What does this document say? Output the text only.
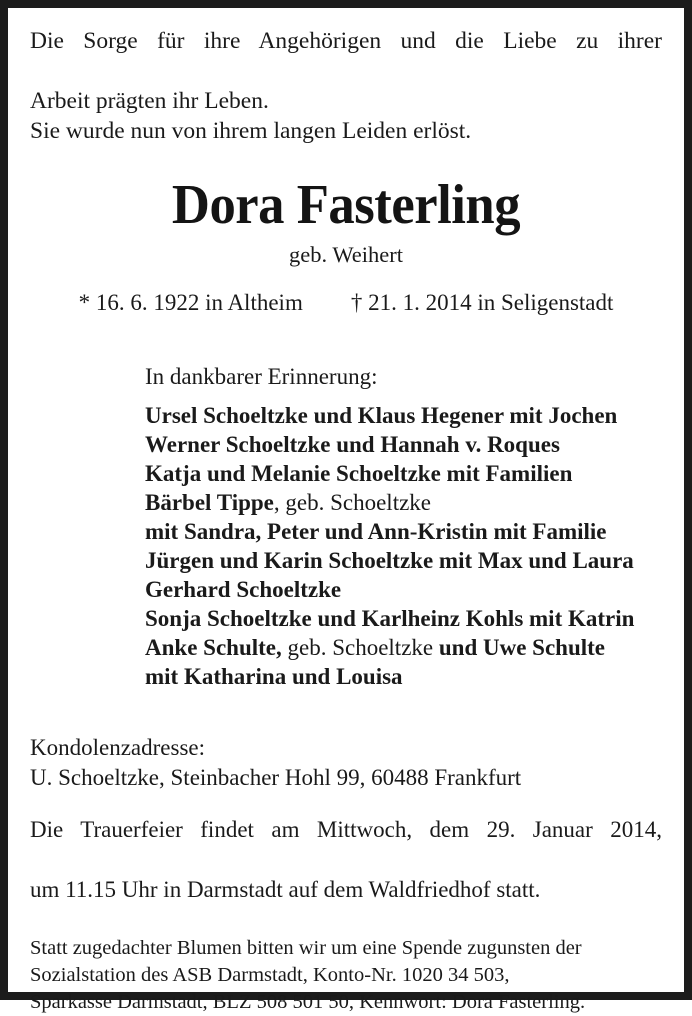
Die Sorge für ihre Angehörigen und die Liebe zu ihrer
Arbeit prägten ihr Leben.
Sie wurde nun von ihrem langen Leiden erlöst.
Dora Fasterling
geb. Weihert
* 16. 6. 1922 in Altheim † 21. 1. 2014 in Seligenstadt
In dankbarer Erinnerung:
Ursel Schoeltzke und Klaus Hegener mit Jochen
Werner Schoeltzke und Hannah v. Roques
Katja und Melanie Schoeltzke mit Familien
Bärbel Tippe, geb. Schoeltzke
mit Sandra, Peter und Ann-Kristin mit Familie
Jürgen und Karin Schoeltzke mit Max und Laura
Gerhard Schoeltzke
Sonja Schoeltzke und Karlheinz Kohls mit Katrin
Anke Schulte, geb. Schoeltzke und Uwe Schulte
mit Katharina und Louisa

Kondolenzadresse:

U. Schoeltzke, Steinbacher Hohl 99, 60488 Frankfurt

Die Trauerfeier findet am Mittwoch, dem 29. Januar 2014,
um 11.15 Uhr in Darmstadt auf dem Waldfriedhof statt.

Statt zugedachter Blumen bitten wir um eine Spende zugunsten der

Sozialstation des ASB Darmstadt, Konto-Nr. 1020 34 503,

Sparkasse Darmstadt, BLZ 508 501 50, Kennwort: Dora Fasterling.
